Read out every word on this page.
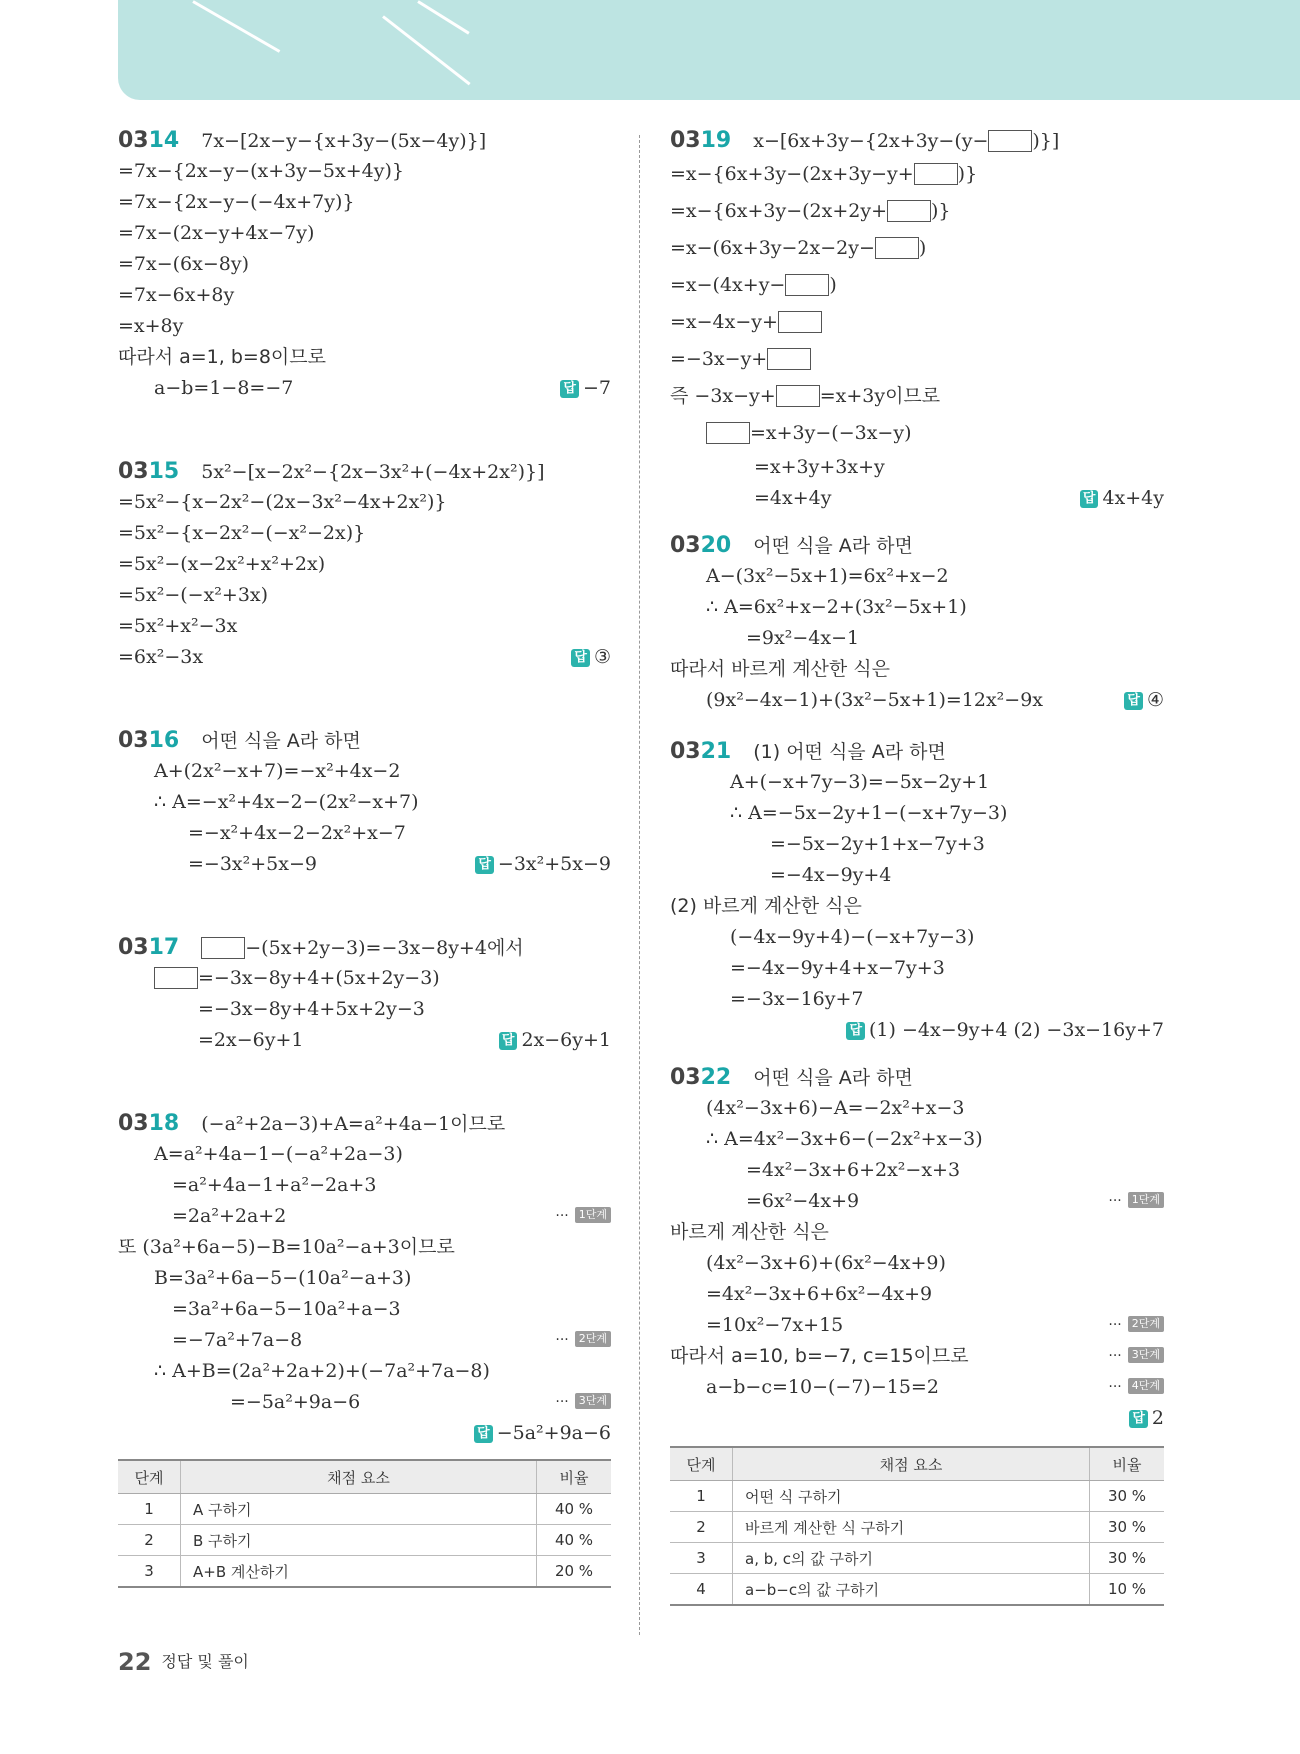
0314 7x−[2x−y−{x+3y−(5x−4y)}]
=7x−{2x−y−(x+3y−5x+4y)}
=7x−{2x−y−(−4x+7y)}
=7x−(2x−y+4x−7y)
=7x−(6x−8y)
=7x−6x+8y
=x+8y
따라서 a=1, b=8이므로
a−b=1−8=−7	답 −7
0315 5x²−[x−2x²−{2x−3x²+(−4x+2x²)}]
=5x²−{x−2x²−(2x−3x²−4x+2x²)}
=5x²−{x−2x²−(−x²−2x)}
=5x²−(x−2x²+x²+2x)
=5x²−(−x²+3x)
=5x²+x²−3x
=6x²−3x	답 ③
0316 어떤 식을 A라 하면
A+(2x²−x+7)=−x²+4x−2
∴ A=−x²+4x−2−(2x²−x+7)
=−x²+4x−2−2x²+x−7
=−3x²+5x−9	답 −3x²+5x−9
0317	−(5x+2y−3)=−3x−8y+4에서
=−3x−8y+4+(5x+2y−3)
=−3x−8y+4+5x+2y−3
=2x−6y+1	답 2x−6y+1
0318 (−a²+2a−3)+A=a²+4a−1이므로
A=a²+4a−1−(−a²+2a−3)
=a²+4a−1+a²−2a+3
=2a²+2a+2	··· 1단계
또 (3a²+6a−5)−B=10a²−a+3이므로
B=3a²+6a−5−(10a²−a+3)
=3a²+6a−5−10a²+a−3
=−7a²+7a−8	··· 2단계
∴ A+B=(2a²+2a+2)+(−7a²+7a−8)
=−5a²+9a−6	··· 3단계
답 −5a²+9a−6
단계	채점 요소	비율
1	A 구하기	40 %
2	B 구하기	40 %
3	A+B 계산하기	20 %
0319 x−[6x+3y−{2x+3y−(y− )}]
=x−{6x+3y−(2x+3y−y+ )}
=x−{6x+3y−(2x+2y+ )}
=x−(6x+3y−2x−2y− )
=x−(4x+y− )
=x−4x−y+
=−3x−y+
즉 −3x−y+ =x+3y이므로
=x+3y−(−3x−y)
=x+3y+3x+y
=4x+4y	답 4x+4y
0320 어떤 식을 A라 하면
A−(3x²−5x+1)=6x²+x−2
∴ A=6x²+x−2+(3x²−5x+1)
=9x²−4x−1
따라서 바르게 계산한 식은
(9x²−4x−1)+(3x²−5x+1)=12x²−9x	답 ④
0321 (1) 어떤 식을 A라 하면
A+(−x+7y−3)=−5x−2y+1
∴ A=−5x−2y+1−(−x+7y−3)
=−5x−2y+1+x−7y+3
=−4x−9y+4
(2) 바르게 계산한 식은
(−4x−9y+4)−(−x+7y−3)
=−4x−9y+4+x−7y+3
=−3x−16y+7
답 (1) −4x−9y+4 (2) −3x−16y+7
0322 어떤 식을 A라 하면
(4x²−3x+6)−A=−2x²+x−3
∴ A=4x²−3x+6−(−2x²+x−3)
=4x²−3x+6+2x²−x+3
=6x²−4x+9	··· 1단계
바르게 계산한 식은
(4x²−3x+6)+(6x²−4x+9)
=4x²−3x+6+6x²−4x+9
=10x²−7x+15	··· 2단계
따라서 a=10, b=−7, c=15이므로	··· 3단계
a−b−c=10−(−7)−15=2	··· 4단계
답 2
단계	채점 요소	비율
1	어떤 식 구하기	30 %
2	바르게 계산한 식 구하기	30 %
3	a, b, c의 값 구하기	30 %
4	a−b−c의 값 구하기	10 %
22 정답 및 풀이
